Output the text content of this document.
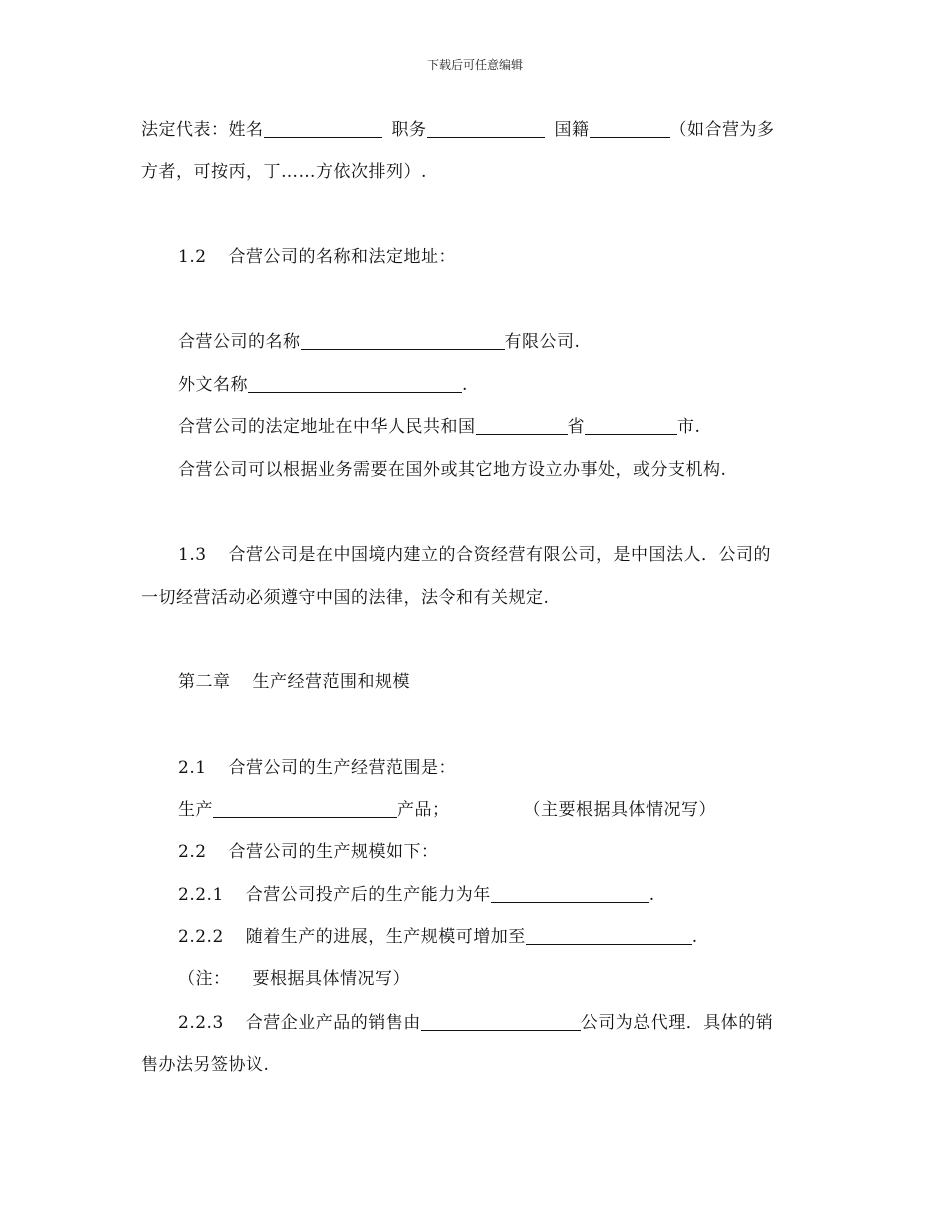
下载后可任意编辑
法定代表：姓名	职务	国籍	（如合营为多
方者，可按丙，丁……方依次排列）.
1.2 合营公司的名称和法定地址：
合营公司的名称	有限公司.
外文名称	.
合营公司的法定地址在中华人民共和国	省	市.
合营公司可以根据业务需要在国外或其它地方设立办事处，或分支机构.
1.3 合营公司是在中国境内建立的合资经营有限公司，是中国法人．公司的
一切经营活动必须遵守中国的法律，法令和有关规定.
第二章 生产经营范围和规模
2.1 合营公司的生产经营范围是：
生产	产品；	（主要根据具体情况写）
2.2 合营公司的生产规模如下：
2.2.1 合营公司投产后的生产能力为年	.
2.2.2 随着生产的进展，生产规模可增加至	.
（注： 要根据具体情况写）
2.2.3 合营企业产品的销售由	公司为总代理．具体的销
售办法另签协议.
